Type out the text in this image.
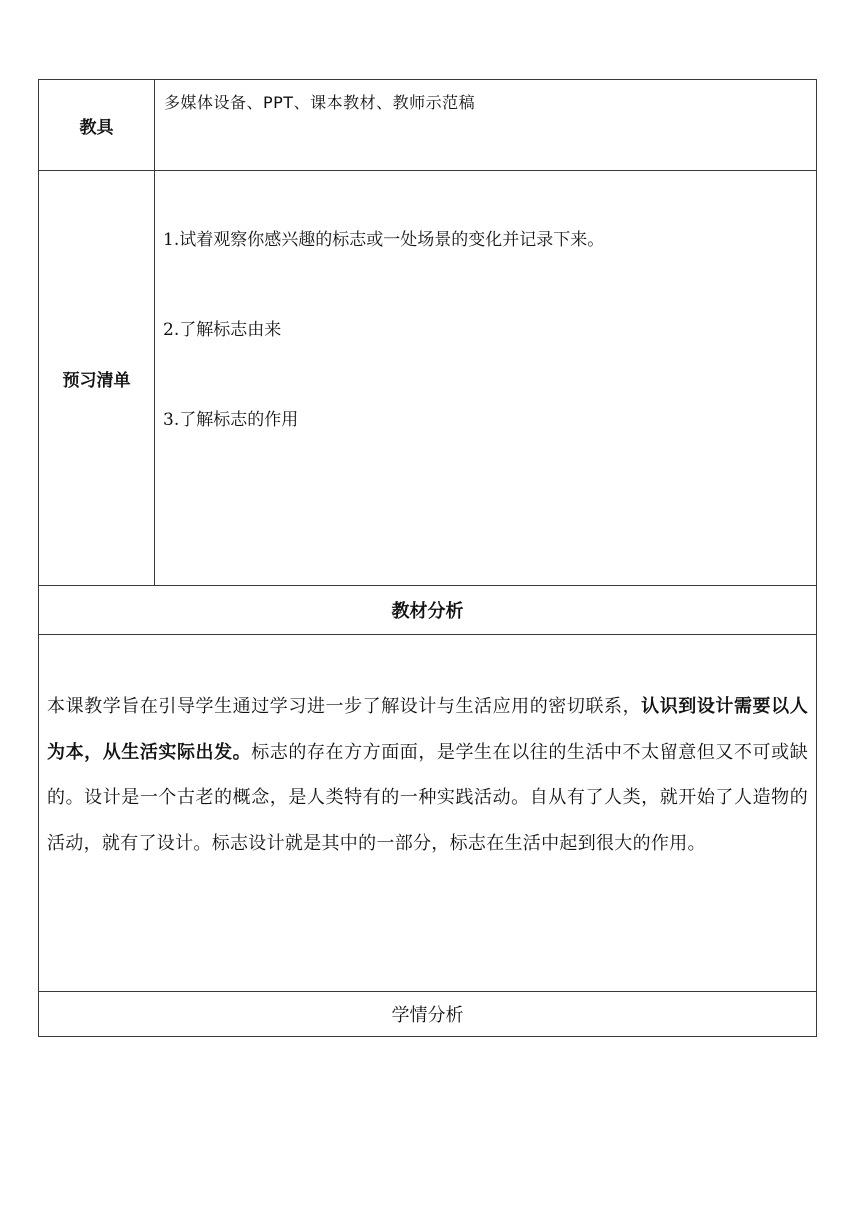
教具	多媒体设备、PPT、课本教材、教师示范稿

预习清单	1.试着观察你感兴趣的标志或一处场景的变化并记录下来。
2.了解标志由来
3.了解标志的作用

教材分析	

本课教学旨在引导学生通过学习进一步了解设计与生活应用的密切联系，认识到设计需要以人为本，从生活实际出发。标志的存在方方面面，是学生在以往的生活中不太留意但又不可或缺的。设计是一个古老的概念，是人类特有的一种实践活动。自从有了人类，就开始了人造物的活动，就有了设计。标志设计就是其中的一部分，标志在生活中起到很大的作用。	

学情分析	
